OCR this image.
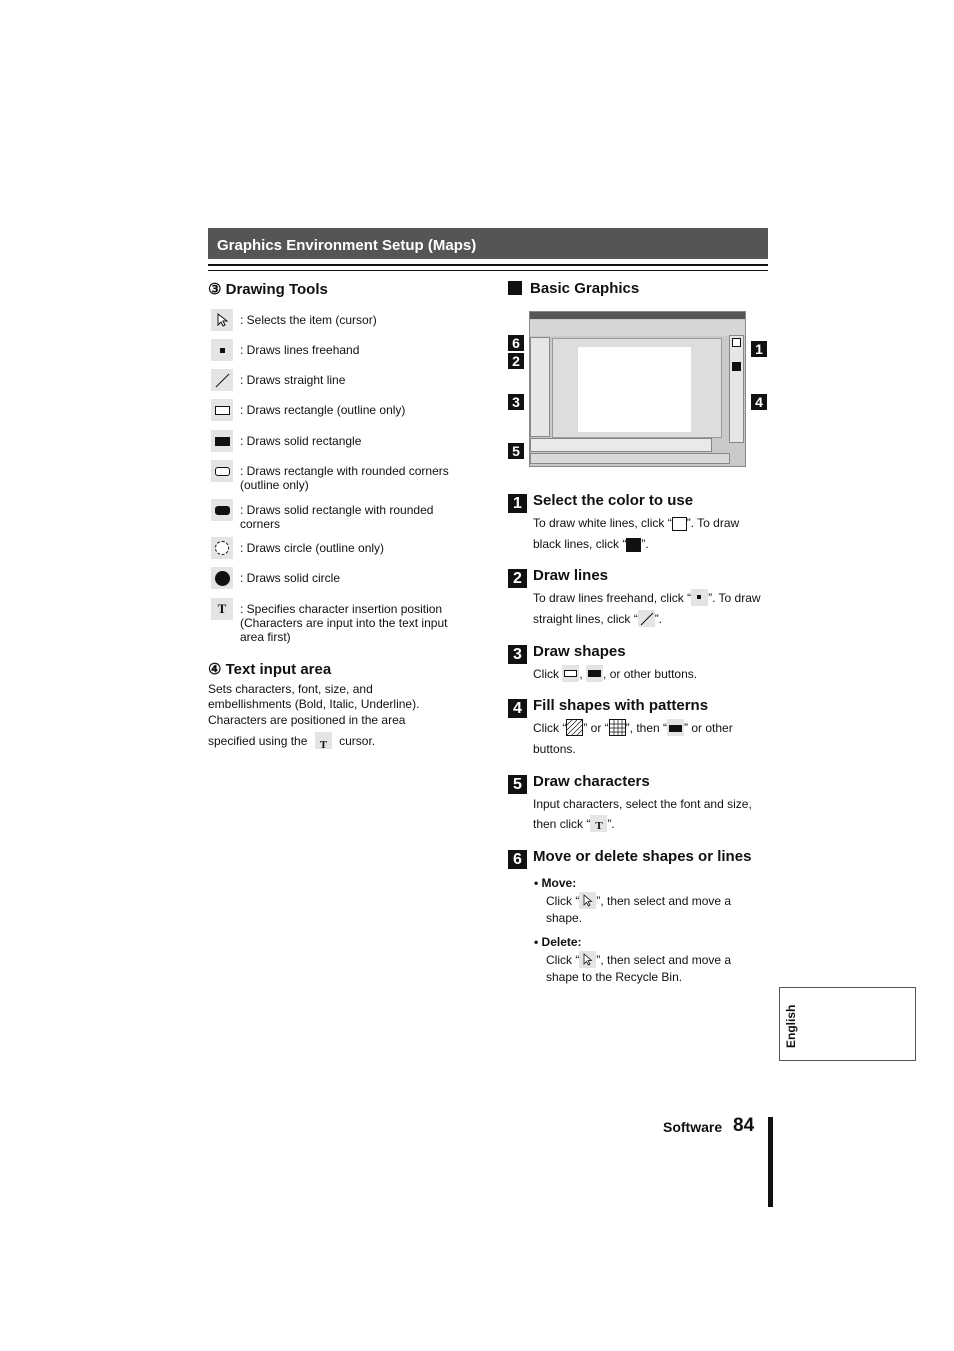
Graphics Environment Setup (Maps)
③ Drawing Tools
: Selects the item (cursor)
: Draws lines freehand
: Draws straight line
: Draws rectangle (outline only)
: Draws solid rectangle
: Draws rectangle with rounded corners (outline only)
: Draws solid rectangle with rounded corners
: Draws circle (outline only)
: Draws solid circle
T : Specifies character insertion position (Characters are input into the text input area first)
④ Text input area
Sets characters, font, size, and embellishments (Bold, Italic, Underline).
Characters are positioned in the area
specified using the T cursor.
Basic Graphics
6
2
3
5
1
4
1 Select the color to use
To draw white lines, click “ ”. To draw black lines, click “ ”.
2 Draw lines
To draw lines freehand, click “ ”. To draw straight lines, click “ ”.
3 Draw shapes
Click , , or other buttons.
4 Fill shapes with patterns
Click “ ” or “ ”, then “ ” or other buttons.
5 Draw characters
Input characters, select the font and size, then click “ T ”.
6 Move or delete shapes or lines
• Move:
Click “ ”, then select and move a shape.
• Delete:
Click “ ”, then select and move a shape to the Recycle Bin.
English
Software 84
